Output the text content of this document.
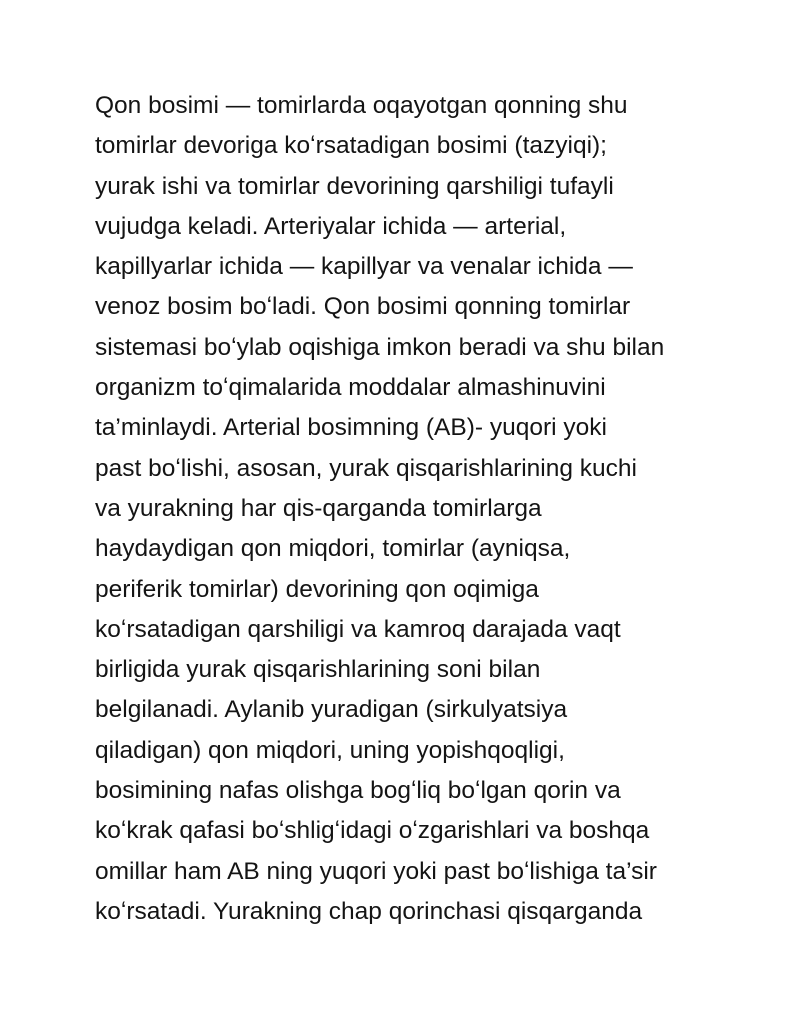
Qon bosimi — tomirlarda oqayotgan qonning shu
tomirlar devoriga koʻrsatadigan bosimi (tazyiqi);
yurak ishi va tomirlar devorining qarshiligi tufayli
vujudga keladi. Arteriyalar ichida — arterial,
kapillyarlar ichida — kapillyar va venalar ichida —
venoz bosim boʻladi. Qon bosimi qonning tomirlar
sistemasi boʻylab oqishiga imkon beradi va shu bilan
organizm toʻqimalarida moddalar almashinuvini
ta’minlaydi. Arterial bosimning (AB)- yuqori yoki
past boʻlishi, asosan, yurak qisqarishlarining kuchi
va yurakning har qis-qarganda tomirlarga
haydaydigan qon miqdori, tomirlar (ayniqsa,
periferik tomirlar) devorining qon oqimiga
koʻrsatadigan qarshiligi va kamroq darajada vaqt
birligida yurak qisqarishlarining soni bilan
belgilanadi. Aylanib yuradigan (sirkulyatsiya
qiladigan) qon miqdori, uning yopishqoqligi,
bosimining nafas olishga bogʻliq boʻlgan qorin va
koʻkrak qafasi boʻshligʻidagi oʻzgarishlari va boshqa
omillar ham AB ning yuqori yoki past boʻlishiga ta’sir
koʻrsatadi. Yurakning chap qorinchasi qisqarganda
